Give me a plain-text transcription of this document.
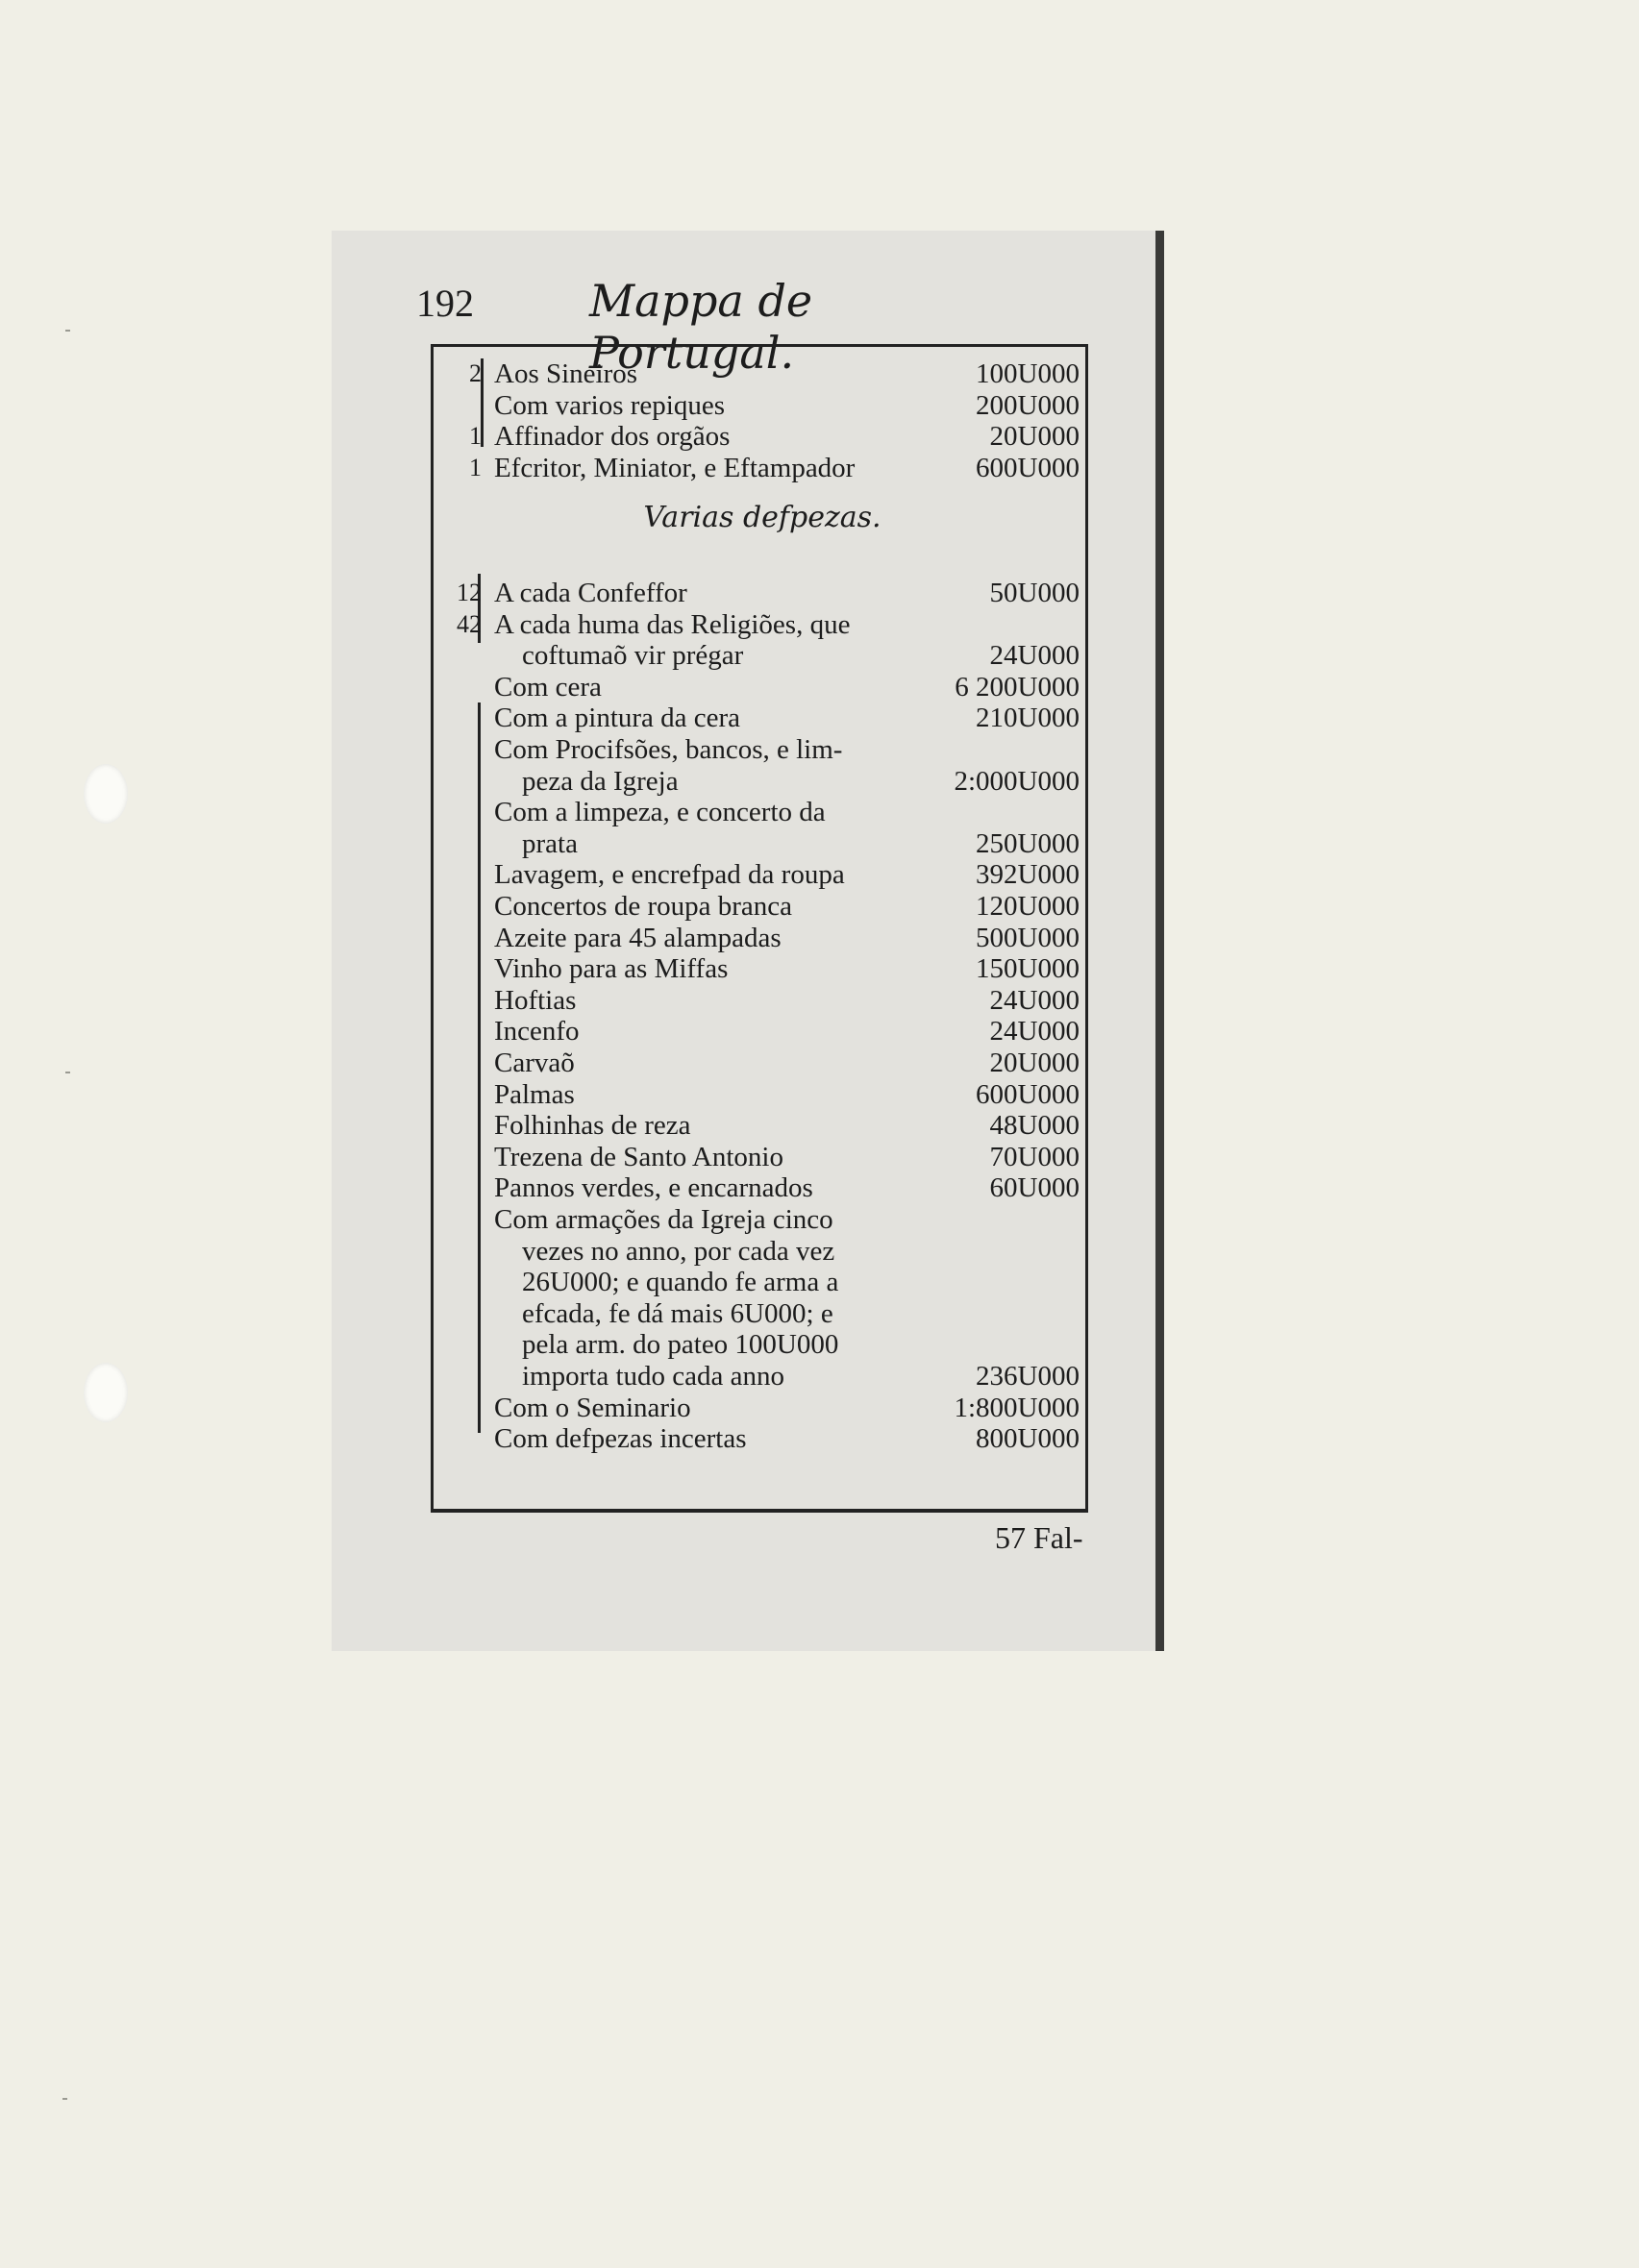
192	Mappa de Portugal.
2 Aos Sineiros	100U000
Com varios repiques	200U000
1 Affinador dos orgãos	20U000
1 Efcritor, Miniator, e Eftampador	600U000
Varias defpezas.
12 A cada Confeffor	50U000
42 A cada huma das Religiões, que
coftumaõ vir prégar	24U000
Com cera	6 200U000
Com a pintura da cera	210U000
Com Procifsões, bancos, e lim-
peza da Igreja	2:000U000
Com a limpeza, e concerto da
prata	250U000
Lavagem, e encrefpad da roupa	392U000
Concertos de roupa branca	120U000
Azeite para 45 alampadas	500U000
Vinho para as Miffas	150U000
Hoftias	24U000
Incenfo	24U000
Carvaõ	20U000
Palmas	600U000
Folhinhas de reza	48U000
Trezena de Santo Antonio	70U000
Pannos verdes, e encarnados	60U000
Com armações da Igreja cinco
vezes no anno, por cada vez
26U000; e quando fe arma a
efcada, fe dá mais 6U000; e
pela arm. do pateo 100U000
importa tudo cada anno	236U000
Com o Seminario	1:800U000
Com defpezas incertas	800U000
57 Fal-
